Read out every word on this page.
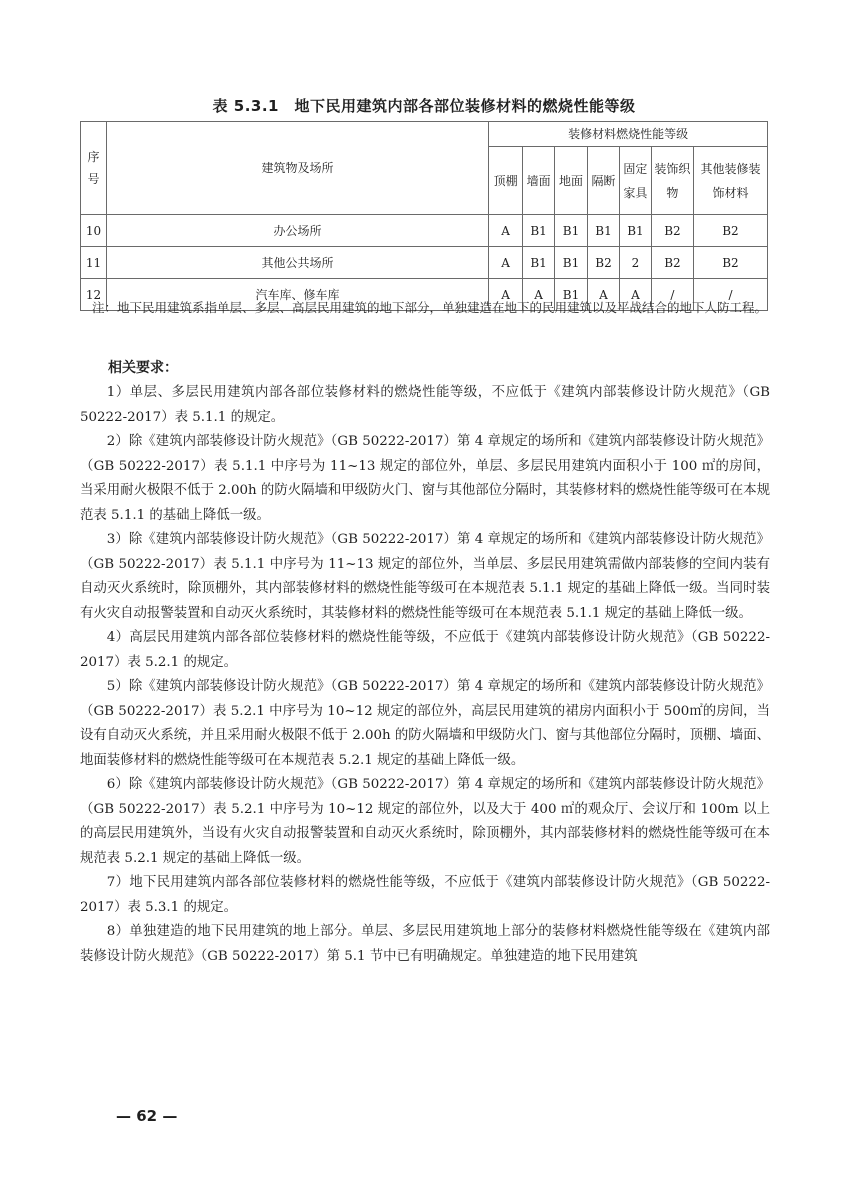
表 5.3.1　地下民用建筑内部各部位装修材料的燃烧性能等级
序号	建筑物及场所	装修材料燃烧性能等级						
		顶棚	墙面	地面	隔断	固定家具	装饰织物	其他装修装饰材料
10	办公场所	A	B1	B1	B1	B1	B2	B2
11	其他公共场所	A	B1	B1	B2	2	B2	B2
12	汽车库、修车库	A	A	B1	A	A	/	/
注：地下民用建筑系指单层、多层、高层民用建筑的地下部分，单独建造在地下的民用建筑以及平战结合的地下人防工程。
相关要求：

1）单层、多层民用建筑内部各部位装修材料的燃烧性能等级，不应低于《建筑内部装修设计防火规范》（GB 50222-2017）表 5.1.1 的规定。

2）除《建筑内部装修设计防火规范》（GB 50222-2017）第 4 章规定的场所和《建筑内部装修设计防火规范》（GB 50222-2017）表 5.1.1 中序号为 11~13 规定的部位外，单层、多层民用建筑内面积小于 100 ㎡的房间，当采用耐火极限不低于 2.00h 的防火隔墙和甲级防火门、窗与其他部位分隔时，其装修材料的燃烧性能等级可在本规范表 5.1.1 的基础上降低一级。

3）除《建筑内部装修设计防火规范》（GB 50222-2017）第 4 章规定的场所和《建筑内部装修设计防火规范》（GB 50222-2017）表 5.1.1 中序号为 11~13 规定的部位外，当单层、多层民用建筑需做内部装修的空间内装有自动灭火系统时，除顶棚外，其内部装修材料的燃烧性能等级可在本规范表 5.1.1 规定的基础上降低一级。当同时装有火灾自动报警装置和自动灭火系统时，其装修材料的燃烧性能等级可在本规范表 5.1.1 规定的基础上降低一级。

4）高层民用建筑内部各部位装修材料的燃烧性能等级，不应低于《建筑内部装修设计防火规范》（GB 50222-2017）表 5.2.1 的规定。

5）除《建筑内部装修设计防火规范》（GB 50222-2017）第 4 章规定的场所和《建筑内部装修设计防火规范》（GB 50222-2017）表 5.2.1 中序号为 10~12 规定的部位外，高层民用建筑的裙房内面积小于 500㎡的房间，当设有自动灭火系统，并且采用耐火极限不低于 2.00h 的防火隔墙和甲级防火门、窗与其他部位分隔时，顶棚、墙面、地面装修材料的燃烧性能等级可在本规范表 5.2.1 规定的基础上降低一级。

6）除《建筑内部装修设计防火规范》（GB 50222-2017）第 4 章规定的场所和《建筑内部装修设计防火规范》（GB 50222-2017）表 5.2.1 中序号为 10~12 规定的部位外，以及大于 400 ㎡的观众厅、会议厅和 100m 以上的高层民用建筑外，当设有火灾自动报警装置和自动灭火系统时，除顶棚外，其内部装修材料的燃烧性能等级可在本规范表 5.2.1 规定的基础上降低一级。

7）地下民用建筑内部各部位装修材料的燃烧性能等级，不应低于《建筑内部装修设计防火规范》（GB 50222-2017）表 5.3.1 的规定。

8）单独建造的地下民用建筑的地上部分。单层、多层民用建筑地上部分的装修材料燃烧性能等级在《建筑内部装修设计防火规范》（GB 50222-2017）第 5.1 节中已有明确规定。单独建造的地下民用建筑

— 62 —
